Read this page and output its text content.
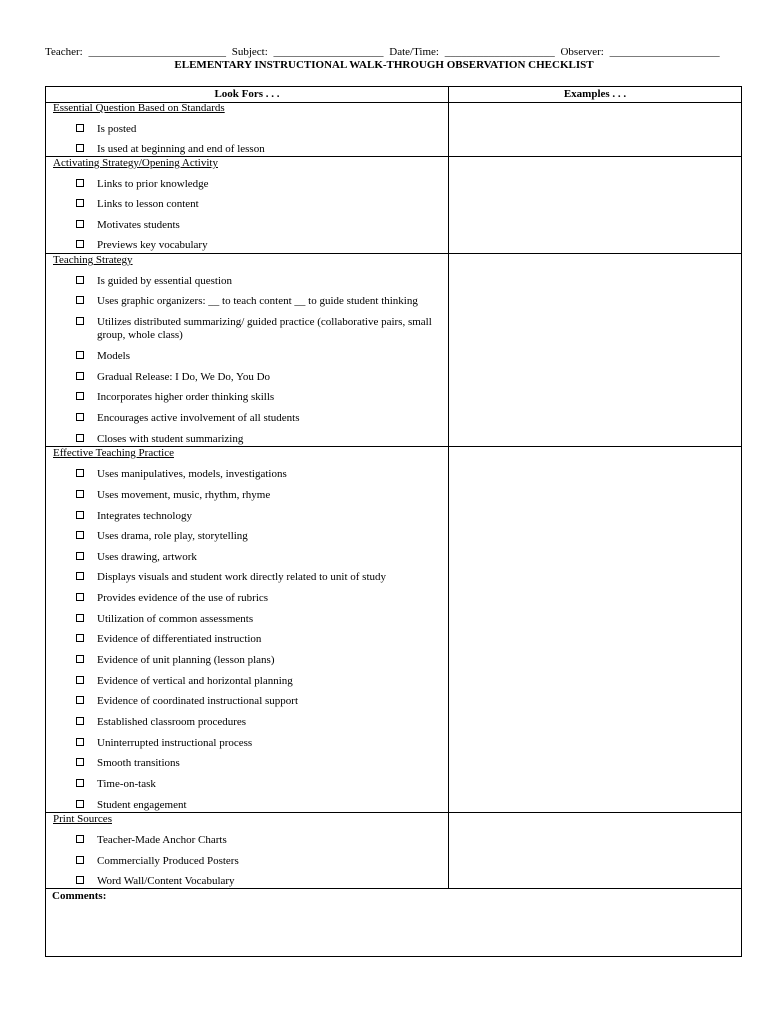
Teacher: _________________________ Subject: ____________________ Date/Time: ____________________ Observer: ____________________
ELEMENTARY INSTRUCTIONAL WALK-THROUGH OBSERVATION CHECKLIST
Look Fors . . .	Examples . . .
Comments:
Essential Question Based on Standards
Is posted
Is used at beginning and end of lesson
Activating Strategy/Opening Activity
Links to prior knowledge
Links to lesson content
Motivates students
Previews key vocabulary
Teaching Strategy
Is guided by essential question
Uses graphic organizers: __ to teach content __ to guide student thinking
Utilizes distributed summarizing/ guided practice (collaborative pairs, small group, whole class)
Models
Gradual Release: I Do, We Do, You Do
Incorporates higher order thinking skills
Encourages active involvement of all students
Closes with student summarizing
Effective Teaching Practice
Uses manipulatives, models, investigations
Uses movement, music, rhythm, rhyme
Integrates technology
Uses drama, role play, storytelling
Uses drawing, artwork
Displays visuals and student work directly related to unit of study
Provides evidence of the use of rubrics
Utilization of common assessments
Evidence of differentiated instruction
Evidence of unit planning (lesson plans)
Evidence of vertical and horizontal planning
Evidence of coordinated instructional support
Established classroom procedures
Uninterrupted instructional process
Smooth transitions
Time-on-task
Student engagement
Print Sources
Teacher-Made Anchor Charts
Commercially Produced Posters
Word Wall/Content Vocabulary
